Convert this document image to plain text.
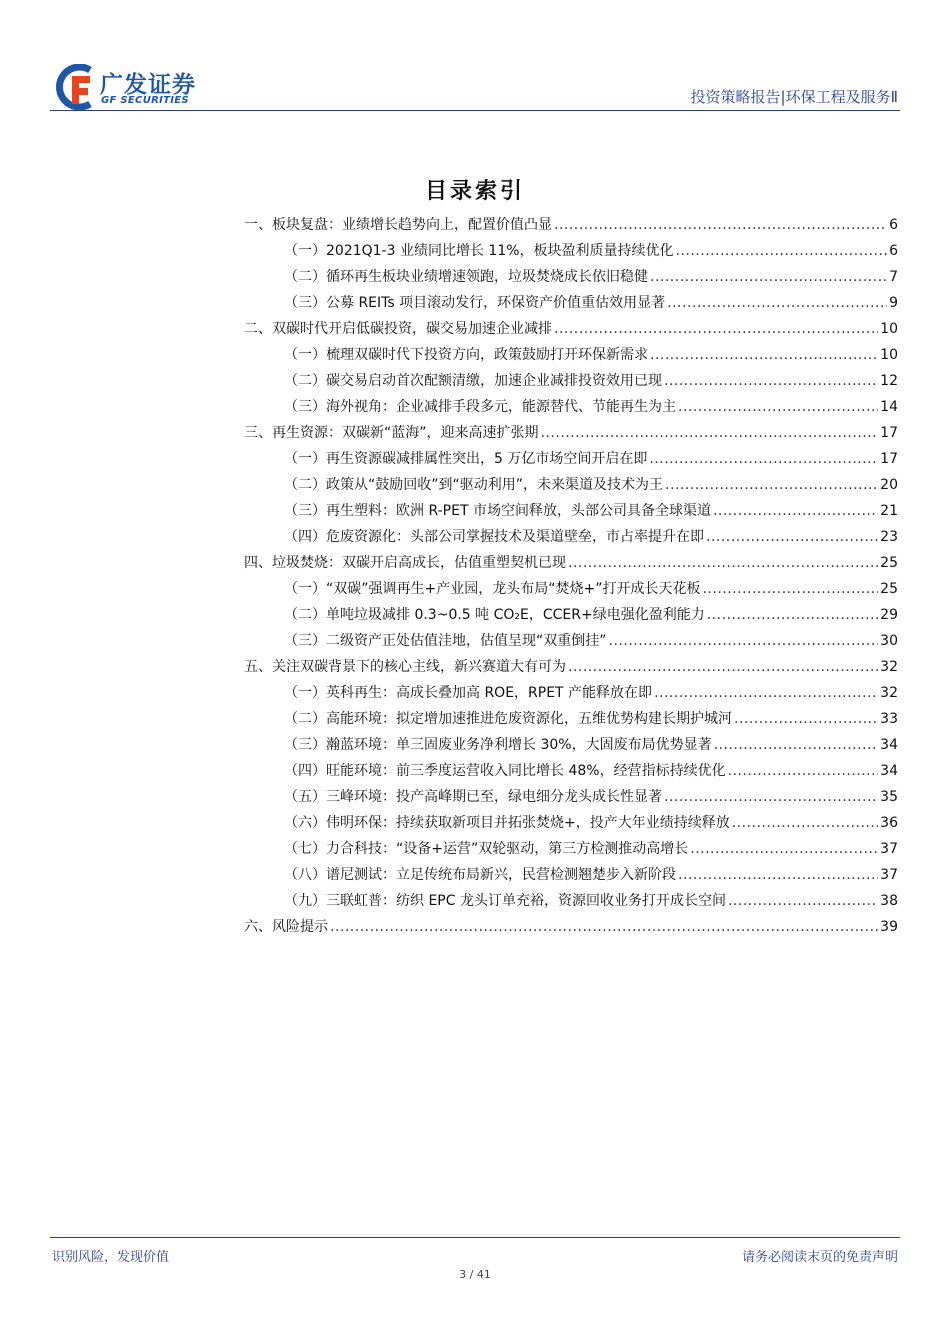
广发证券
GF SECURITIES	投资策略报告|环保工程及服务Ⅱ
目录索引
一、板块复盘：业绩增长趋势向上，配置价值凸显 .....	6
（一）2021Q1-3 业绩同比增长 11%，板块盈利质量持续优化 .....	6
（二）循环再生板块业绩增速领跑，垃圾焚烧成长依旧稳健 .....	7
（三）公募 REITs 项目滚动发行，环保资产价值重估效用显著 .....	9
二、双碳时代开启低碳投资，碳交易加速企业减排 .....	10
（一）梳理双碳时代下投资方向，政策鼓励打开环保新需求 .....	10
（二）碳交易启动首次配额清缴，加速企业减排投资效用已现 .....	12
（三）海外视角：企业减排手段多元，能源替代、节能再生为主 .....	14
三、再生资源：双碳新“蓝海”，迎来高速扩张期 .....	17
（一）再生资源碳减排属性突出，5 万亿市场空间开启在即 .....	17
（二）政策从“鼓励回收”到“驱动利用”，未来渠道及技术为王 .....	20
（三）再生塑料：欧洲 R-PET 市场空间释放，头部公司具备全球渠道 .....	21
（四）危废资源化：头部公司掌握技术及渠道壁垒，市占率提升在即 .....	23
四、垃圾焚烧：双碳开启高成长，估值重塑契机已现 .....	25
（一）“双碳”强调再生+产业园，龙头布局“焚烧+”打开成长天花板 .....	25
（二）单吨垃圾减排 0.3~0.5 吨 CO₂E，CCER+绿电强化盈利能力 .....	29
（三）二级资产正处估值洼地，估值呈现“双重倒挂” .....	30
五、关注双碳背景下的核心主线，新兴赛道大有可为 .....	32
（一）英科再生：高成长叠加高 ROE，RPET 产能释放在即 .....	32
（二）高能环境：拟定增加速推进危废资源化，五维优势构建长期护城河 .....	33
（三）瀚蓝环境：单三固废业务净利增长 30%，大固废布局优势显著 .....	34
（四）旺能环境：前三季度运营收入同比增长 48%，经营指标持续优化 .....	34
（五）三峰环境：投产高峰期已至，绿电细分龙头成长性显著 .....	35
（六）伟明环保：持续获取新项目并拓张焚烧+，投产大年业绩持续释放 .....	36
（七）力合科技：“设备+运营”双轮驱动，第三方检测推动高增长 .....	37
（八）谱尼测试：立足传统布局新兴，民营检测翘楚步入新阶段 .....	37
（九）三联虹普：纺织 EPC 龙头订单充裕，资源回收业务打开成长空间 .....	38
六、风险提示 .....	39
识别风险，发现价值	请务必阅读末页的免责声明
3 / 41
